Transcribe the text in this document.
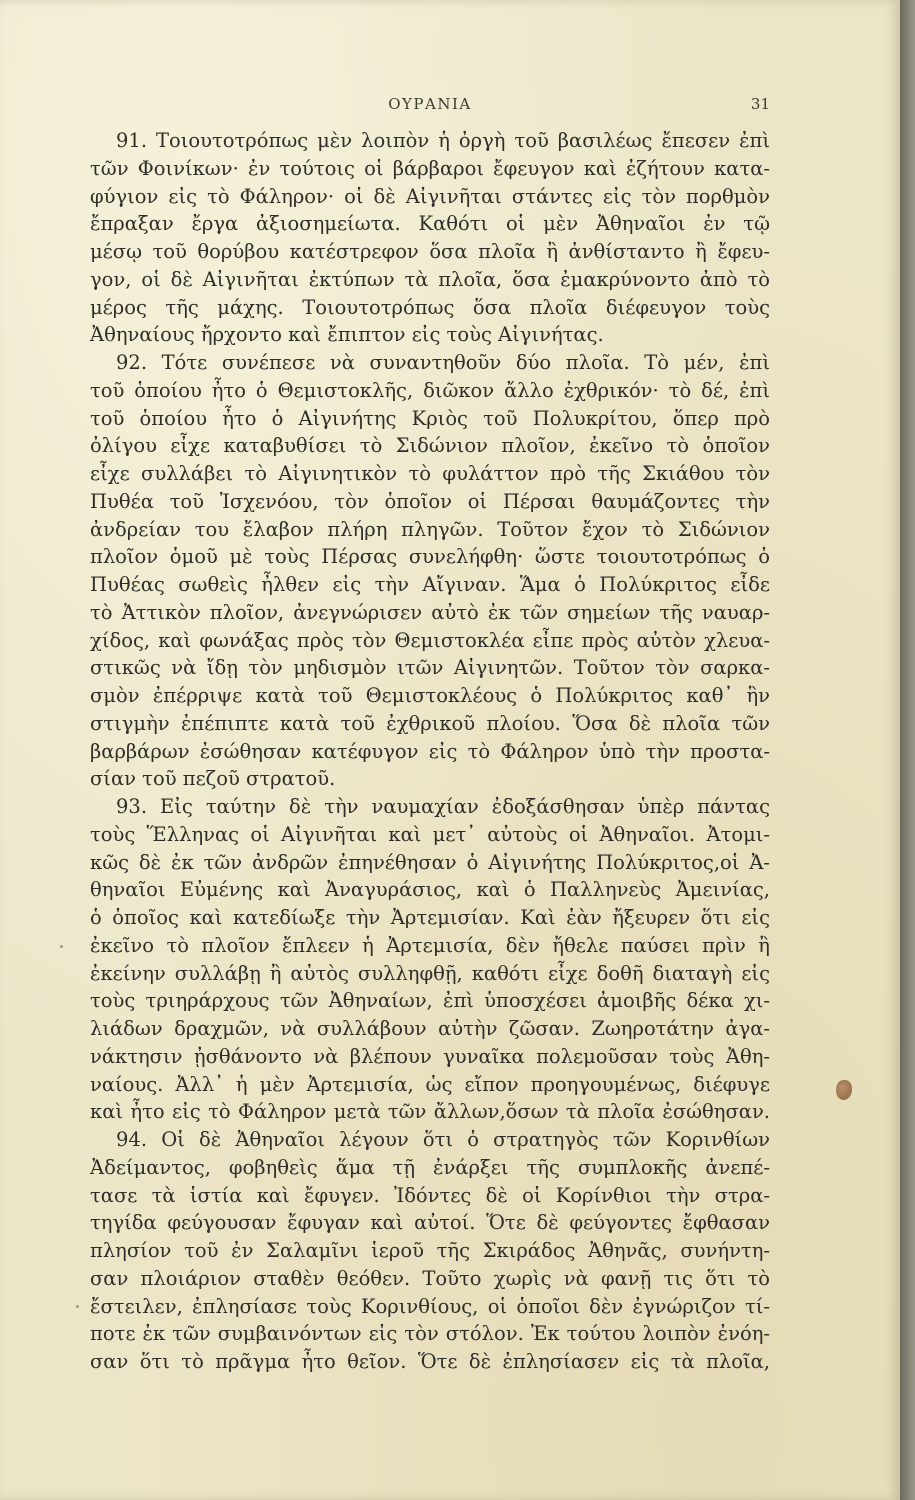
ΟΥΡΑΝΙΑ	31
91. Τοιουτοτρόπως μὲν λοιπὸν ἡ ὀργὴ τοῦ βασιλέως ἔπεσεν ἐπὶ
τῶν Φοινίκων· ἐν τούτοις οἱ βάρβαροι ἔφευγον καὶ ἐζήτουν κατα-
φύγιον εἰς τὸ Φάληρον· οἱ δὲ Αἰγινῆται στάντες εἰς τὸν πορθμὸν
ἔπραξαν ἔργα ἀξιοσημείωτα. Καθότι οἱ μὲν Ἀθηναῖοι ἐν τῷ
μέσῳ τοῦ θορύβου κατέστρεφον ὅσα πλοῖα ἢ ἀνθίσταντο ἢ ἔφευ-
γον, οἱ δὲ Αἰγινῆται ἐκτύπων τὰ πλοῖα, ὅσα ἐμακρύνοντο ἀπὸ τὸ
μέρος τῆς μάχης. Τοιουτοτρόπως ὅσα πλοῖα διέφευγον τοὺς
Ἀθηναίους ἤρχοντο καὶ ἔπιπτον εἰς τοὺς Αἰγινήτας.
92. Τότε συνέπεσε νὰ συναντηθοῦν δύο πλοῖα. Τὸ μέν, ἐπὶ
τοῦ ὁποίου ἦτο ὁ Θεμιστοκλῆς, διῶκον ἄλλο ἐχθρικόν· τὸ δέ, ἐπὶ
τοῦ ὁποίου ἦτο ὁ Αἰγινήτης Κριὸς τοῦ Πολυκρίτου, ὅπερ πρὸ
ὀλίγου εἶχε καταβυθίσει τὸ Σιδώνιον πλοῖον, ἐκεῖνο τὸ ὁποῖον
εἶχε συλλάβει τὸ Αἰγινητικὸν τὸ φυλάττον πρὸ τῆς Σκιάθου τὸν
Πυθέα τοῦ Ἰσχενόου, τὸν ὁποῖον οἱ Πέρσαι θαυμάζοντες τὴν
ἀνδρείαν του ἔλαβον πλήρη πληγῶν. Τοῦτον ἔχον τὸ Σιδώνιον
πλοῖον ὁμοῦ μὲ τοὺς Πέρσας συνελήφθη· ὥστε τοιουτοτρόπως ὁ
Πυθέας σωθεὶς ἦλθεν εἰς τὴν Αἴγιναν. Ἅμα ὁ Πολύκριτος εἶδε
τὸ Ἀττικὸν πλοῖον, ἀνεγνώρισεν αὐτὸ ἐκ τῶν σημείων τῆς ναυαρ-
χίδος, καὶ φωνάξας πρὸς τὸν Θεμιστοκλέα εἶπε πρὸς αὐτὸν χλευα-
στικῶς νὰ ἴδῃ τὸν μηδισμὸν ιτῶν Αἰγινητῶν. Τοῦτον τὸν σαρκα-
σμὸν ἐπέρριψε κατὰ τοῦ Θεμιστοκλέους ὁ Πολύκριτος καθ᾽ ἣν
στιγμὴν ἐπέπιπτε κατὰ τοῦ ἐχθρικοῦ πλοίου. Ὅσα δὲ πλοῖα τῶν
βαρβάρων ἐσώθησαν κατέφυγον εἰς τὸ Φάληρον ὑπὸ τὴν προστα-
σίαν τοῦ πεζοῦ στρατοῦ.
93. Εἰς ταύτην δὲ τὴν ναυμαχίαν ἐδοξάσθησαν ὑπὲρ πάντας
τοὺς Ἕλληνας οἱ Αἰγινῆται καὶ μετ᾽ αὐτοὺς οἱ Ἀθηναῖοι. Ἀτομι-
κῶς δὲ ἐκ τῶν ἀνδρῶν ἐπηνέθησαν ὁ Αἰγινήτης Πολύκριτος,οἱ Ἀ-
θηναῖοι Εὐμένης καὶ Ἀναγυράσιος, καὶ ὁ Παλληνεὺς Ἀμεινίας,
ὁ ὁποῖος καὶ κατεδίωξε τὴν Ἀρτεμισίαν. Καὶ ἐὰν ἤξευρεν ὅτι εἰς
ἐκεῖνο τὸ πλοῖον ἔπλεεν ἡ Ἀρτεμισία, δὲν ἤθελε παύσει πρὶν ἢ
ἐκείνην συλλάβῃ ἢ αὐτὸς συλληφθῇ, καθότι εἶχε δοθῆ διαταγὴ εἰς
τοὺς τριηράρχους τῶν Ἀθηναίων, ἐπὶ ὑποσχέσει ἀμοιβῆς δέκα χι-
λιάδων δραχμῶν, νὰ συλλάβουν αὐτὴν ζῶσαν. Ζωηροτάτην ἀγα-
νάκτησιν ᾐσθάνοντο νὰ βλέπουν γυναῖκα πολεμοῦσαν τοὺς Ἀθη-
ναίους. Ἀλλ᾽ ἡ μὲν Ἀρτεμισία, ὡς εἴπον προηγουμένως, διέφυγε
καὶ ἦτο εἰς τὸ Φάληρον μετὰ τῶν ἄλλων,ὅσων τὰ πλοῖα ἐσώθησαν.
94. Οἱ δὲ Ἀθηναῖοι λέγουν ὅτι ὁ στρατηγὸς τῶν Κορινθίων
Ἀδείμαντος, φοβηθεὶς ἅμα τῇ ἐνάρξει τῆς συμπλοκῆς ἀνεπέ-
τασε τὰ ἱστία καὶ ἔφυγεν. Ἰδόντες δὲ οἱ Κορίνθιοι τὴν στρα-
τηγίδα φεύγουσαν ἔφυγαν καὶ αὐτοί. Ὅτε δὲ φεύγοντες ἔφθασαν
πλησίον τοῦ ἐν Σαλαμῖνι ἱεροῦ τῆς Σκιράδος Ἀθηνᾶς, συνήντη-
σαν πλοιάριον σταθὲν θεόθεν. Τοῦτο χωρὶς νὰ φανῇ τις ὅτι τὸ
ἔστειλεν, ἐπλησίασε τοὺς Κορινθίους, οἱ ὁποῖοι δὲν ἐγνώριζον τί-
ποτε ἐκ τῶν συμβαινόντων εἰς τὸν στόλον. Ἐκ τούτου λοιπὸν ἐνόη-
σαν ὅτι τὸ πρᾶγμα ἦτο θεῖον. Ὅτε δὲ ἐπλησίασεν εἰς τὰ πλοῖα,
